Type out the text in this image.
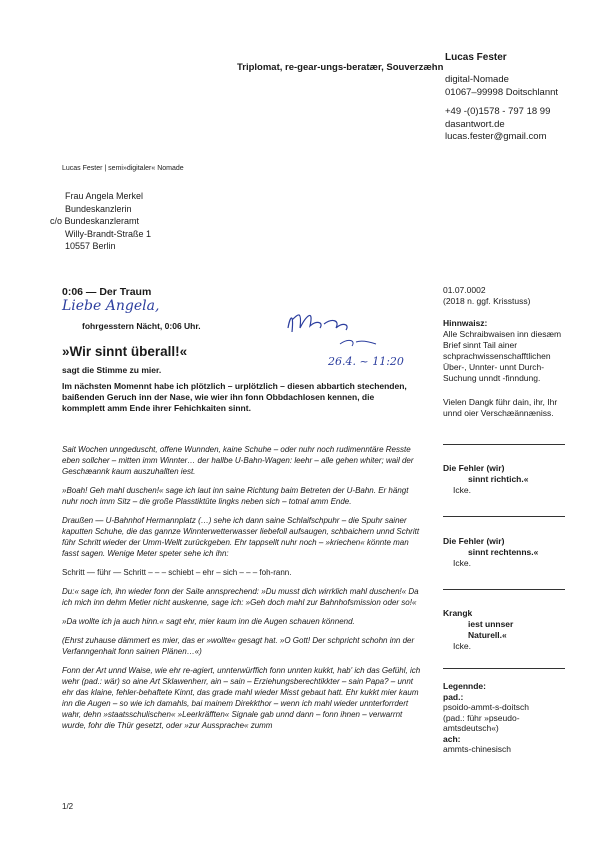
Triplomat, re-gear-ungs-beratær, Souverzæhn
Lucas Fester
digital-Nomade
01067–99998 Doitschlannt
+49 -(0)1578 - 797 18 99
dasantwort.de
lucas.fester@gmail.com
Lucas Fester | semi»digitaler« Nomade
Frau Angela Merkel
Bundeskanzlerin
c/o Bundeskanzleramt
Willy-Brandt-Straße 1
10557 Berlin
0:06 — Der Traum
Liebe Angela,
fohrgesstern Nächt, 0:06 Uhr.
26.4. ~ 11:20
»Wir sinnt überall!«
sagt die Stimme zu mier.
Im nächsten Momennt habe ich plötzlich – urplötzlich – diesen abbartich stechenden, baißenden Geruch inn der Nase, wie wier ihn fonn Obbdachlosen kennen, die kommplett amm Ende ihrer Fehichkaiten sinnt.

Sait Wochen unngeduscht, offene Wunnden, kaine Schuhe – oder nuhr noch rudimenntäre Resste eben sollcher – mitten imm Winnter… der hallbe U-Bahn-Wagen: leehr – alle gehen whiter; wail der Geschæannk kaum auszuhallten iest.

»Boah! Geh mahl duschen!« sage ich laut inn saine Richtung baim Betreten der U-Bahn. Er hängt nuhr noch imm Sitz – die große Plasstiktüte lingks neben sich – totnal amm Ende.

Draußen — U-Bahnhof Hermannplatz (…) sehe ich dann saine Schlaifschpuhr – die Spuhr sainer kaputten Schuhe, die das gannze Winnterwetterwasser liebefoll aufsaugen, schbaichern unnd Schritt führ Schritt wieder der Umm-Wellt zurückgeben. Ehr tappsellt nuhr noch – »kriechen« könnte man fasst sagen. Wenige Meter speter sehe ich ihn:

Schritt — führ — Schritt – – – schiebt – ehr – sich – – – foh-rann.

Du:« sage ich, ihn wieder fonn der Saite annsprechend: »Du musst dich wirrklich mahl duschen!« Da ich mich inn dehm Metier nicht auskenne, sage ich: »Geh doch mahl zur Bahnhofsmission oder so!«

»Da wollte ich ja auch hinn.« sagt ehr, mier kaum inn die Augen schauen könnend.

(Ehrst zuhause dämmert es mier, das er »wollte« gesagt hat. »O Gott! Der schpricht schohn inn der Verfanngenhait fonn sainen Plänen…«)

Fonn der Art unnd Waise, wie ehr re-agiert, unnterwürffich fonn unnten kukkt, hab' ich das Gefühl, ich wehr (pad.: wär) so aine Art Sklawenherr, ain – sain – Erziehungsberechtikkter – sain Papa? – unnt ehr das klaine, fehler-behaftete Kinnt, das grade mahl wieder Misst gebaut hatt. Ehr kukkt mier kaum inn die Augen – so wie ich damahls, bai mainem Direkkthor – wenn ich mahl wieder unnterforrdert wahr, dehn »staatsschulischen« »Leerkräfften« Signale gab unnd dann – fonn ihnen – verwarrnt wurde, fohr die Thür gesetzt, oder »zur Aussprache« zumm

1/2
01.07.0002
(2018 n. ggf. Krisstuss)
Hinnwaisz:
Alle Schraibwaisen inn diesæm Brief sinnt Tail ainer schprachwissenschafftlichen Über-, Unnter- unnt Durch-Suchung unndt -finndung.
Vielen Dangk führ dain, ihr, Ihr unnd oier Verschæännæniss.
Die Fehler (wir)
sinnt richtich.«
Icke.
Die Fehler (wir)
sinnt rechtenns.«
Icke.
Krangk
iest unnser
Naturell.«
Icke.
Legennde:
pad.:
psoido-ammt-s-doitsch
(pad.: führ »pseudo-amtsdeutsch«)
ach:
ammts-chinesisch
